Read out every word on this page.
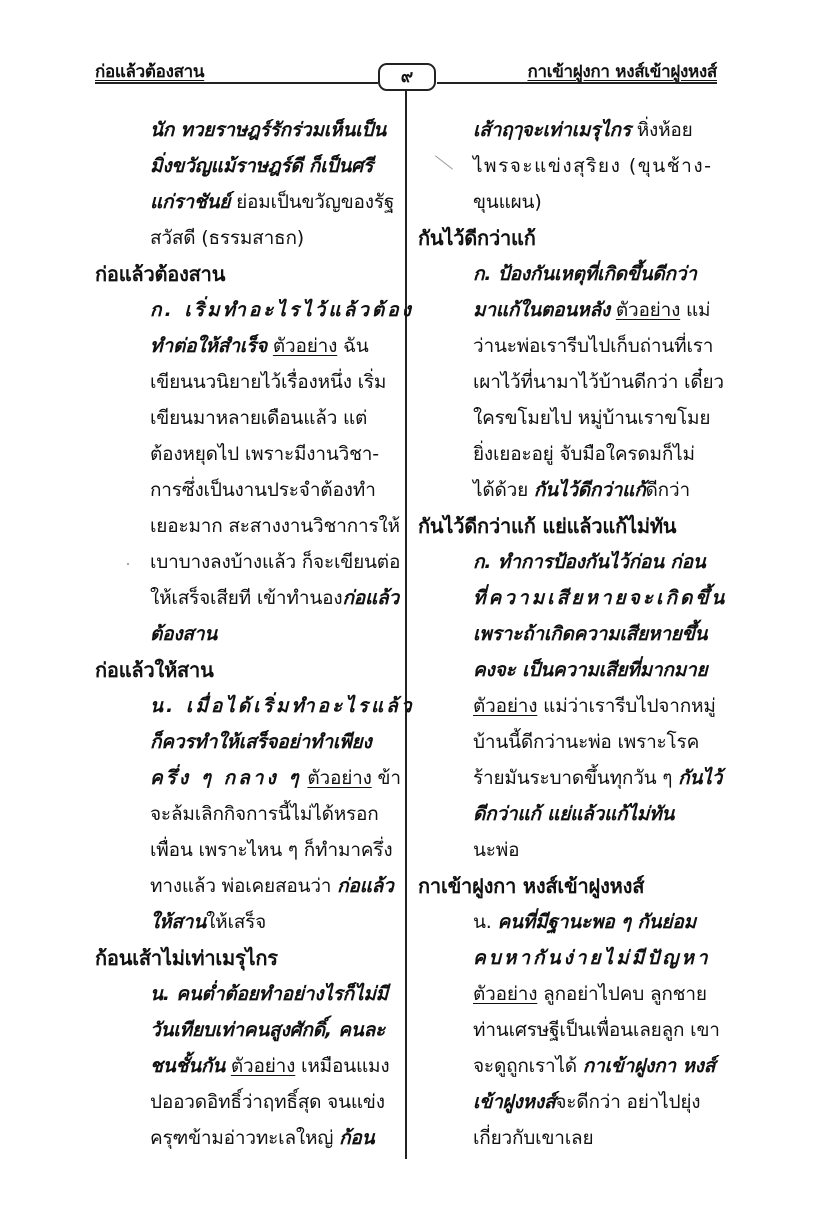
ก่อแล้วต้องสาน	๙	กาเข้าฝูงกา หงส์เข้าฝูงหงส์
นัก ทวยราษฎร์รักร่วมเห็นเป็น
มิ่งขวัญแม้ราษฎร์ดี ก็เป็นศรี
แก่ราชันย์ ย่อมเป็นขวัญของรัฐ
สวัสดี (ธรรมสาธก)
ก่อแล้วต้องสาน
ก. เริ่มทำอะไรไว้แล้วต้อง
ทำต่อให้สำเร็จ ตัวอย่าง ฉัน
เขียนนวนิยายไว้เรื่องหนึ่ง เริ่ม
เขียนมาหลายเดือนแล้ว แต่
ต้องหยุดไป เพราะมีงานวิชา-
การซึ่งเป็นงานประจำต้องทำ
เยอะมาก สะสางงานวิชาการให้
เบาบางลงบ้างแล้ว ก็จะเขียนต่อ
ให้เสร็จเสียที เข้าทำนองก่อแล้ว
ต้องสาน
ก่อแล้วให้สาน
น. เมื่อได้เริ่มทำอะไรแล้ว
ก็ควรทำให้เสร็จอย่าทำเพียง
ครึ่ง ๆ กลาง ๆ ตัวอย่าง ข้า
จะล้มเลิกกิจการนี้ไม่ได้หรอก
เพื่อน เพราะไหน ๆ ก็ทำมาครึ่ง
ทางแล้ว พ่อเคยสอนว่า ก่อแล้ว
ให้สานให้เสร็จ
ก้อนเส้าไม่เท่าเมรุไกร
น. คนต่ำต้อยทำอย่างไรก็ไม่มี
วันเทียบเท่าคนสูงศักดิ์, คนละ
ชนชั้นกัน ตัวอย่าง เหมือนแมง
ปออวดอิทธิ์ว่าฤทธิ์สุด จนแข่ง
ครุฑข้ามอ่าวทะเลใหญ่ ก้อน
เส้าฤๅจะเท่าเมรุไกร หิ่งห้อย
ไพรจะแข่งสุริยง (ขุนช้าง-
ขุนแผน)
กันไว้ดีกว่าแก้
ก. ป้องกันเหตุที่เกิดขึ้นดีกว่า
มาแก้ในตอนหลัง ตัวอย่าง แม่
ว่านะพ่อเรารีบไปเก็บถ่านที่เรา
เผาไว้ที่นามาไว้บ้านดีกว่า เดี๋ยว
ใครขโมยไป หมู่บ้านเราขโมย
ยิ่งเยอะอยู่ จับมือใครดมก็ไม่
ได้ด้วย กันไว้ดีกว่าแก้ดีกว่า
กันไว้ดีกว่าแก้ แย่แล้วแก้ไม่ทัน
ก. ทำการป้องกันไว้ก่อน ก่อน
ที่ความเสียหายจะเกิดขึ้น
เพราะถ้าเกิดความเสียหายขึ้น
คงจะ เป็นความเสียที่มากมาย
ตัวอย่าง แม่ว่าเรารีบไปจากหมู่
บ้านนี้ดีกว่านะพ่อ เพราะโรค
ร้ายมันระบาดขึ้นทุกวัน ๆ กันไว้
ดีกว่าแก้ แย่แล้วแก้ไม่ทัน
นะพ่อ
กาเข้าฝูงกา หงส์เข้าฝูงหงส์
น. คนที่มีฐานะพอ ๆ กันย่อม
คบหากันง่ายไม่มีปัญหา
ตัวอย่าง ลูกอย่าไปคบ ลูกชาย
ท่านเศรษฐีเป็นเพื่อนเลยลูก เขา
จะดูถูกเราได้ กาเข้าฝูงกา หงส์
เข้าฝูงหงส์จะดีกว่า อย่าไปยุ่ง
เกี่ยวกับเขาเลย
